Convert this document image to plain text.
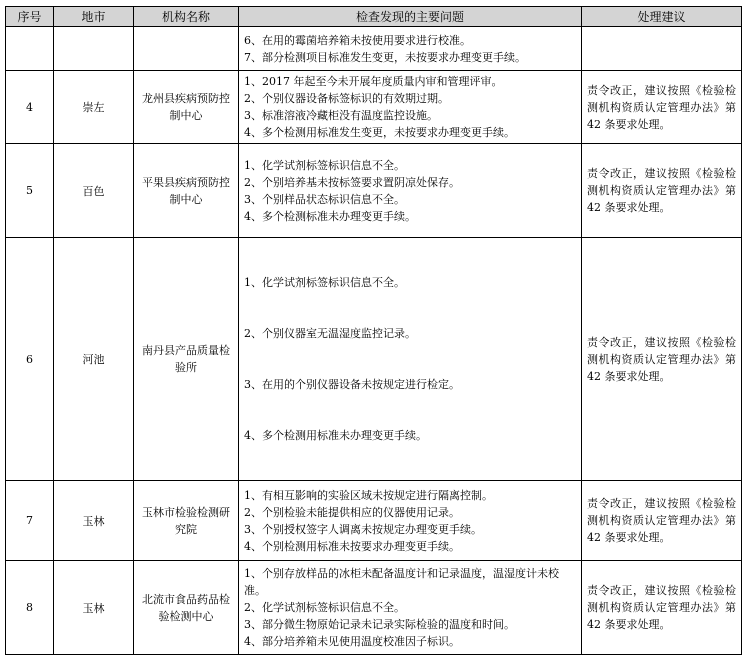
序号	地市	机构名称	检查发现的主要问题	处理建议

			6、在用的霉菌培养箱未按使用要求进行校准。
7、部分检测项目标准发生变更，未按要求办理变更手续。	

4	崇左	龙州县疾病预防控制中心	1、2017 年起至今未开展年度质量内审和管理评审。
2、个别仪器设备标签标识的有效期过期。
3、标准溶液冷藏柜没有温度监控设施。
4、多个检测用标准发生变更，未按要求办理变更手续。	责令改正，建议按照《检验检测机构资质认定管理办法》第 42 条要求处理。
5	百色	平果县疾病预防控制中心	1、化学试剂标签标识信息不全。
2、个别培养基未按标签要求置阴凉处保存。
3、个别样品状态标识信息不全。
4、多个检测标准未办理变更手续。	责令改正，建议按照《检验检测机构资质认定管理办法》第 42 条要求处理。
6	河池	南丹县产品质量检验所	1、化学试剂标签标识信息不全。

2、个别仪器室无温湿度监控记录。

3、在用的个别仪器设备未按规定进行检定。

4、多个检测用标准未办理变更手续。	责令改正，建议按照《检验检测机构资质认定管理办法》第 42 条要求处理。
7	玉林	玉林市检验检测研究院	1、有相互影响的实验区域未按规定进行隔离控制。
2、个别检验未能提供相应的仪器使用记录。
3、个别授权签字人调离未按规定办理变更手续。
4、个别检测用标准未按要求办理变更手续。	责令改正，建议按照《检验检测机构资质认定管理办法》第 42 条要求处理。
8	玉林	北流市食品药品检验检测中心	1、个别存放样品的冰柜未配备温度计和记录温度，温湿度计未校准。
2、化学试剂标签标识信息不全。
3、部分微生物原始记录未记录实际检验的温度和时间。
4、部分培养箱未见使用温度校准因子标识。	责令改正，建议按照《检验检测机构资质认定管理办法》第 42 条要求处理。
